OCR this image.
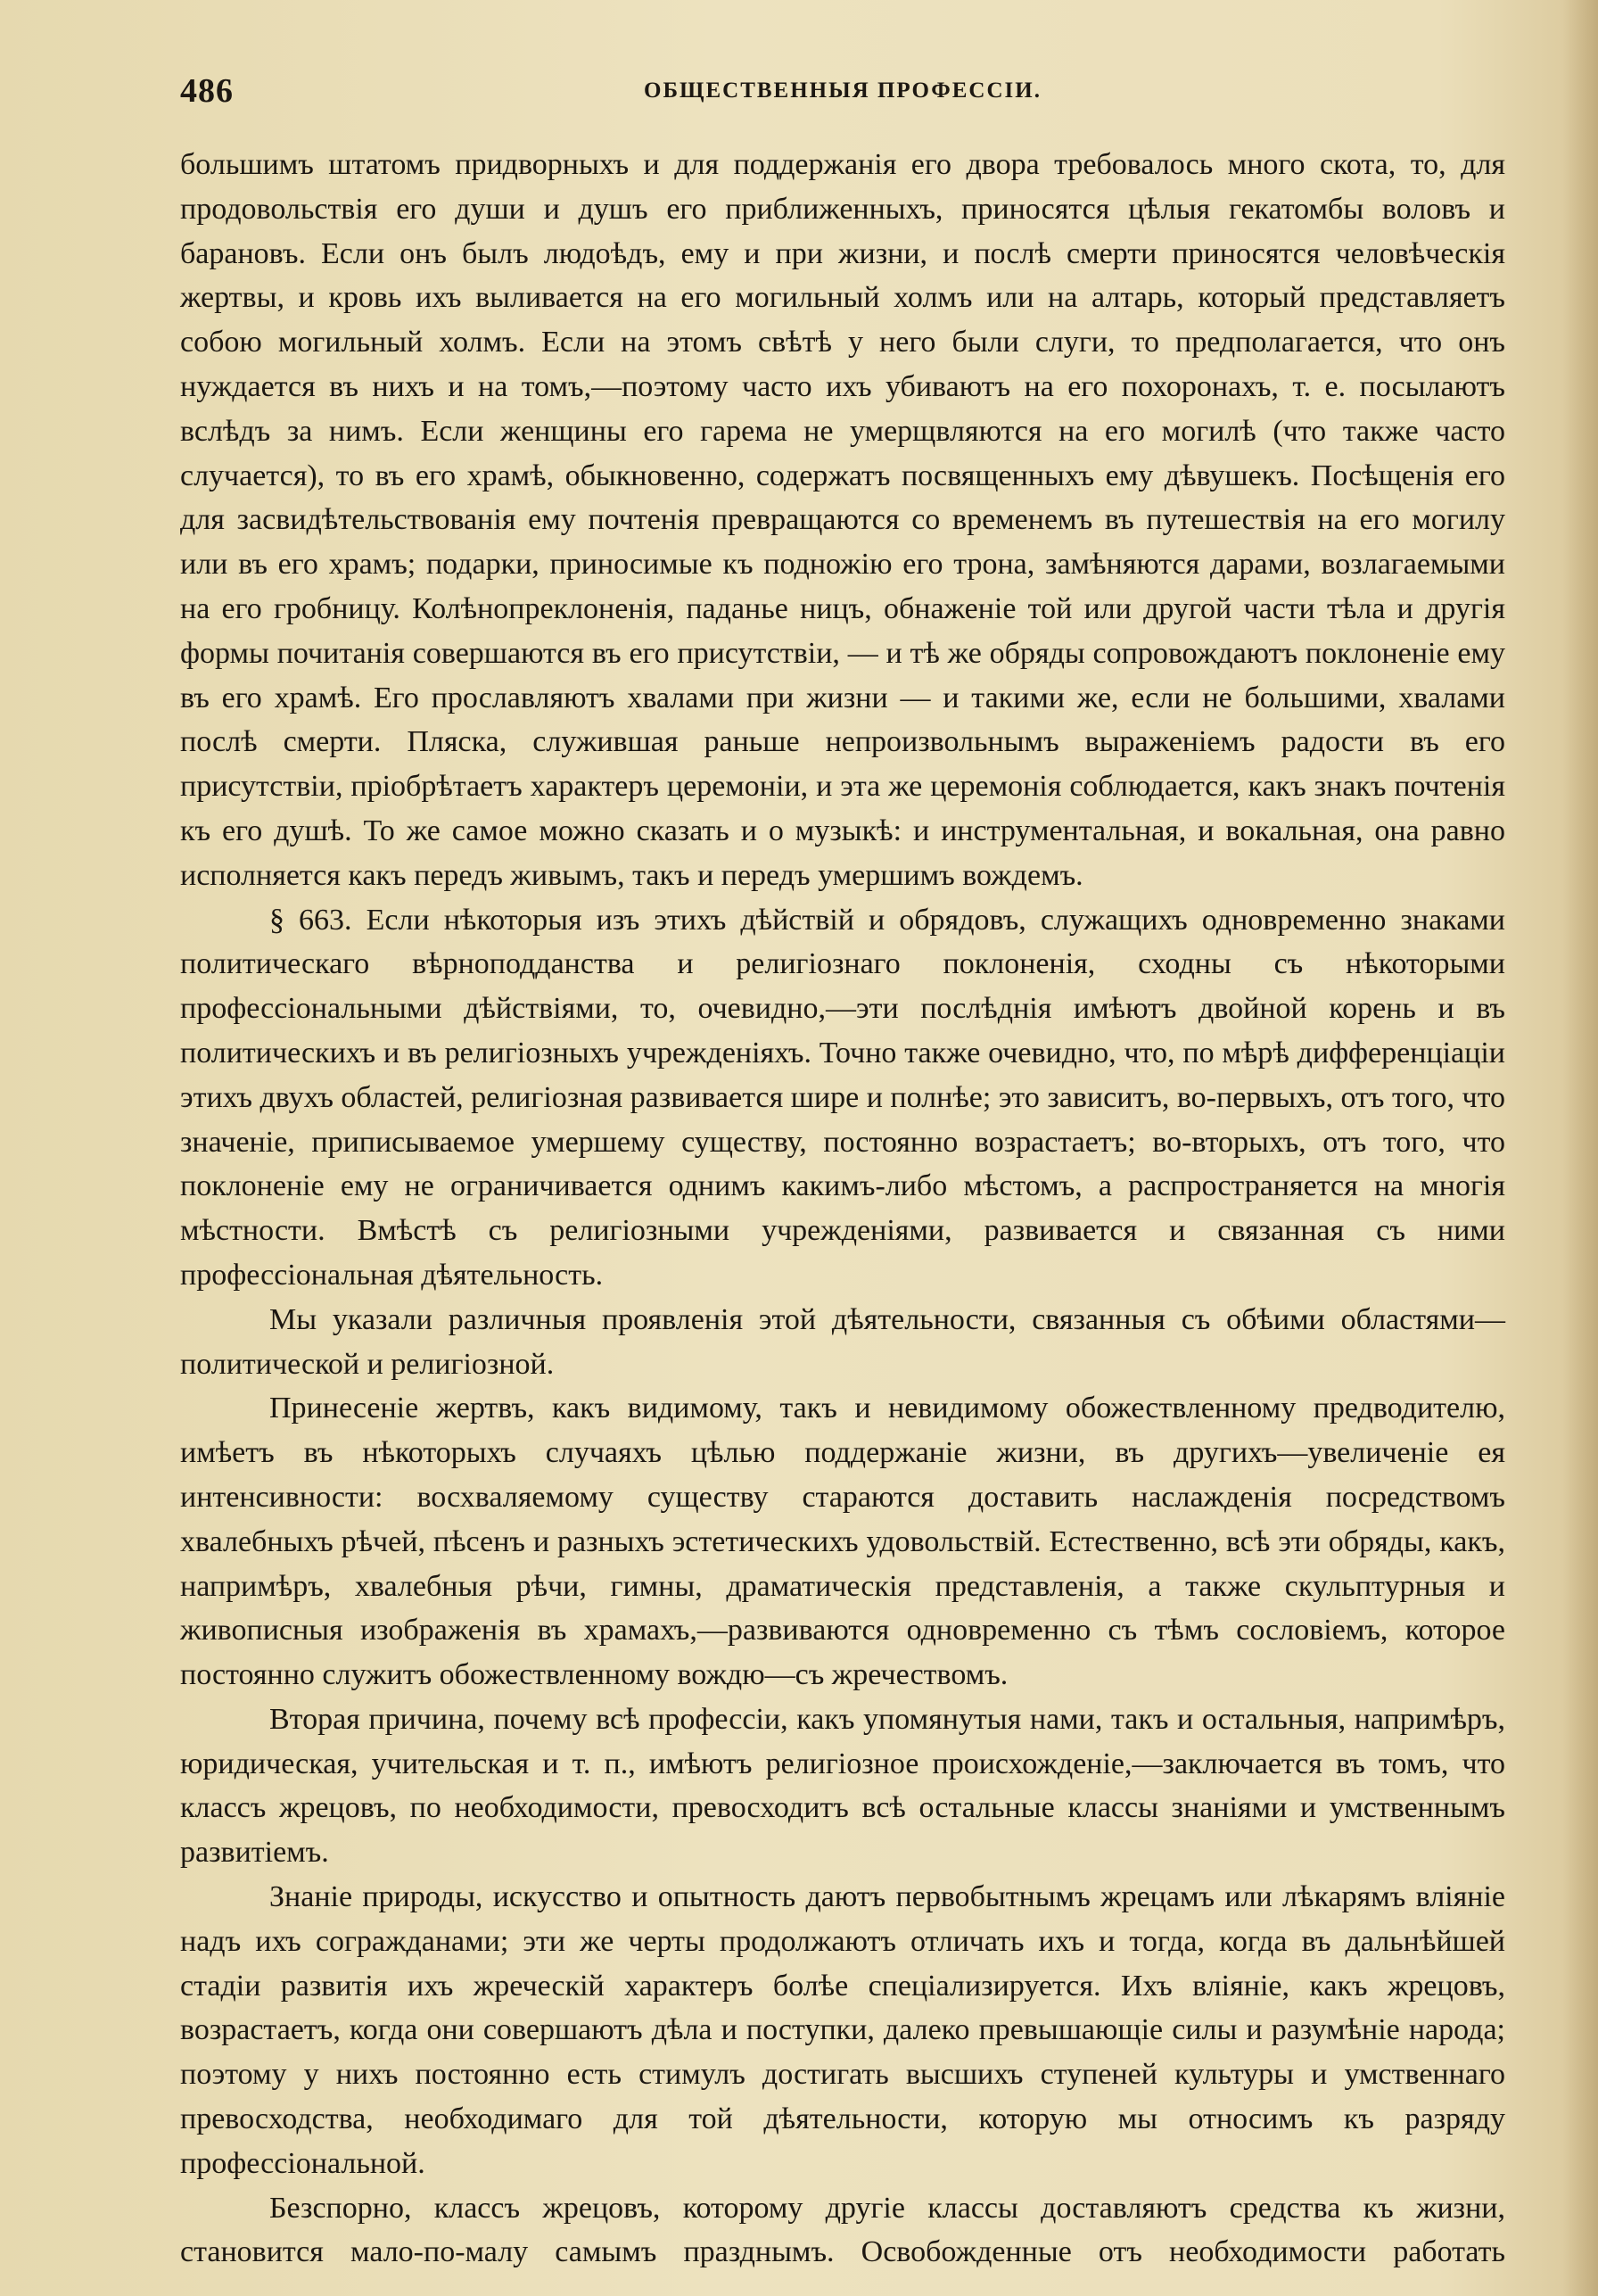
486	ОБЩЕСТВЕННЫЯ ПРОФЕССІИ.

большимъ штатомъ придворныхъ и для поддержанія его двора требовалось много скота, то, для продовольствія его души и душъ его приближенныхъ, приносятся цѣлыя гекатомбы воловъ и барановъ. Если онъ былъ людоѣдъ, ему и при жизни, и послѣ смерти приносятся человѣческія жертвы, и кровь ихъ выливается на его могильный холмъ или на алтарь, который представляетъ собою могильный холмъ. Если на этомъ свѣтѣ у него были слуги, то предполагается, что онъ нуждается въ нихъ и на томъ,—поэтому часто ихъ убиваютъ на его похоронахъ, т. е. посылаютъ вслѣдъ за нимъ. Если женщины его гарема не умерщвляются на его могилѣ (что также часто случается), то въ его храмѣ, обыкновенно, содержатъ посвященныхъ ему дѣвушекъ. Посѣщенія его для засвидѣтельствованія ему почтенія превращаются со временемъ въ путешествія на его могилу или въ его храмъ; подарки, приносимые къ подножію его трона, замѣняются дарами, возлагаемыми на его гробницу. Колѣнопреклоненія, паданье ницъ, обнаженіе той или другой части тѣла и другія формы почитанія совершаются въ его присутствіи, — и тѣ же обряды сопровождаютъ поклоненіе ему въ его храмѣ. Его прославляютъ хвалами при жизни — и такими же, если не большими, хвалами послѣ смерти. Пляска, служившая раньше непроизвольнымъ выраженіемъ радости въ его присутствіи, пріобрѣтаетъ характеръ церемоніи, и эта же церемонія соблюдается, какъ знакъ почтенія къ его душѣ. То же самое можно сказать и о музыкѣ: и инструментальная, и вокальная, она равно исполняется какъ передъ живымъ, такъ и передъ умершимъ вождемъ.

§ 663. Если нѣкоторыя изъ этихъ дѣйствій и обрядовъ, служащихъ одновременно знаками политическаго вѣрноподданства и религіознаго поклоненія, сходны съ нѣкоторыми профессіональными дѣйствіями, то, очевидно,—эти послѣднія имѣютъ двойной корень и въ политическихъ и въ религіозныхъ учрежденіяхъ. Точно также очевидно, что, по мѣрѣ дифференціаціи этихъ двухъ областей, религіозная развивается шире и полнѣе; это зависитъ, во-первыхъ, отъ того, что значеніе, приписываемое умершему существу, постоянно возрастаетъ; во-вторыхъ, отъ того, что поклоненіе ему не ограничивается однимъ какимъ-либо мѣстомъ, а распространяется на многія мѣстности. Вмѣстѣ съ религіозными учрежденіями, развивается и связанная съ ними профессіональная дѣятельность.

Мы указали различныя проявленія этой дѣятельности, связанныя съ обѣими областями—политической и религіозной.

Принесеніе жертвъ, какъ видимому, такъ и невидимому обожествленному предводителю, имѣетъ въ нѣкоторыхъ случаяхъ цѣлью поддержаніе жизни, въ другихъ—увеличеніе ея интенсивности: восхваляемому существу стараются доставить наслажденія посредствомъ хвалебныхъ рѣчей, пѣсенъ и разныхъ эстетическихъ удовольствій. Естественно, всѣ эти обряды, какъ, напримѣръ, хвалебныя рѣчи, гимны, драматическія представленія, а также скульптурныя и живописныя изображенія въ храмахъ,—развиваются одновременно съ тѣмъ сословіемъ, которое постоянно служитъ обожествленному вождю—съ жречествомъ.

Вторая причина, почему всѣ профессіи, какъ упомянутыя нами, такъ и остальныя, напримѣръ, юридическая, учительская и т. п., имѣютъ религіозное происхожденіе,—заключается въ томъ, что классъ жрецовъ, по необходимости, превосходитъ всѣ остальные классы знаніями и умственнымъ развитіемъ.

Знаніе природы, искусство и опытность даютъ первобытнымъ жрецамъ или лѣкарямъ вліяніе надъ ихъ согражданами; эти же черты продолжаютъ отличать ихъ и тогда, когда въ дальнѣйшей стадіи развитія ихъ жреческій характеръ болѣе спеціализируется. Ихъ вліяніе, какъ жрецовъ, возрастаетъ, когда они совершаютъ дѣла и поступки, далеко превышающіе силы и разумѣніе народа; поэтому у нихъ постоянно есть стимулъ достигать высшихъ ступеней культуры и умственнаго превосходства, необходимаго для той дѣятельности, которую мы относимъ къ разряду профессіональной.

Безспорно, классъ жрецовъ, которому другіе классы доставляютъ средства къ жизни, становится мало-по-малу самымъ празднымъ. Освобожденные отъ необходимости работать
